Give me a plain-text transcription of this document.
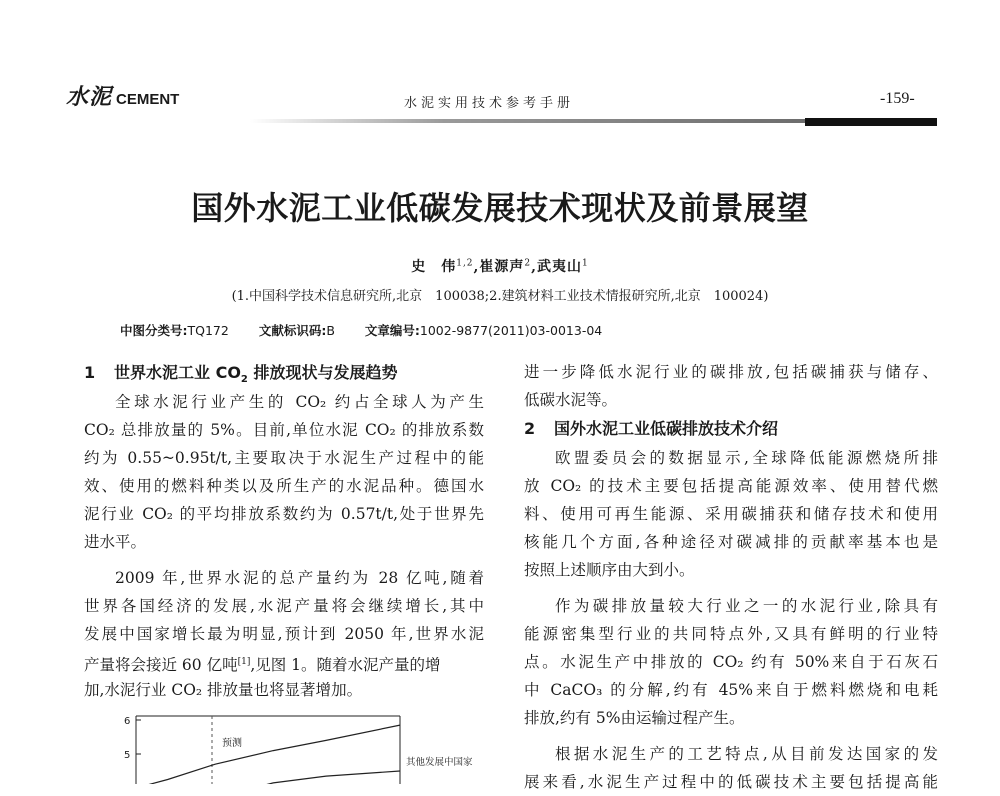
水泥 CEMENT	水泥实用技术参考手册	-159-
国外水泥工业低碳发展技术现状及前景展望
史　伟$^{1,2}$,崔源声$^2$,武夷山$^1$
(1.中国科学技术信息研究所,北京　100038;2.建筑材料工业技术情报研究所,北京　100024)
中图分类号:TQ172 文献标识码:B 文章编号:1002-9877(2011)03-0013-04
1 世界水泥工业 $CO_2$ 排放现状与发展趋势
全球水泥行业产生的 CO₂ 约占全球人为产生
CO₂ 总排放量的 5%。目前,单位水泥 CO₂ 的排放系数
约为 0.55~0.95t/t,主要取决于水泥生产过程中的能
效、使用的燃料种类以及所生产的水泥品种。德国水
泥行业 CO₂ 的平均排放系数约为 0.57t/t,处于世界先
进水平。
2009 年,世界水泥的总产量约为 28 亿吨,随着
世界各国经济的发展,水泥产量将会继续增长,其中
发展中国家增长最为明显,预计到 2050 年,世界水泥
产量将会接近 60 亿吨[1],见图 1。随着水泥产量的增
加,水泥行业 CO₂ 排放量也将显著增加。
进一步降低水泥行业的碳排放,包括碳捕获与储存、
低碳水泥等。
2 国外水泥工业低碳排放技术介绍
欧盟委员会的数据显示,全球降低能源燃烧所排
放 CO₂ 的技术主要包括提高能源效率、使用替代燃
料、使用可再生能源、采用碳捕获和储存技术和使用
核能几个方面,各种途径对碳减排的贡献率基本也是
按照上述顺序由大到小。
作为碳排放量较大行业之一的水泥行业,除具有
能源密集型行业的共同特点外,又具有鲜明的行业特
点。水泥生产中排放的 CO₂ 约有 50%来自于石灰石
中 CaCO₃ 的分解,约有 45%来自于燃料燃烧和电耗
排放,约有 5%由运输过程产生。
根据水泥生产的工艺特点,从目前发达国家的发
展来看,水泥生产过程中的低碳技术主要包括提高能
6
5
预测
其他发展中国家
